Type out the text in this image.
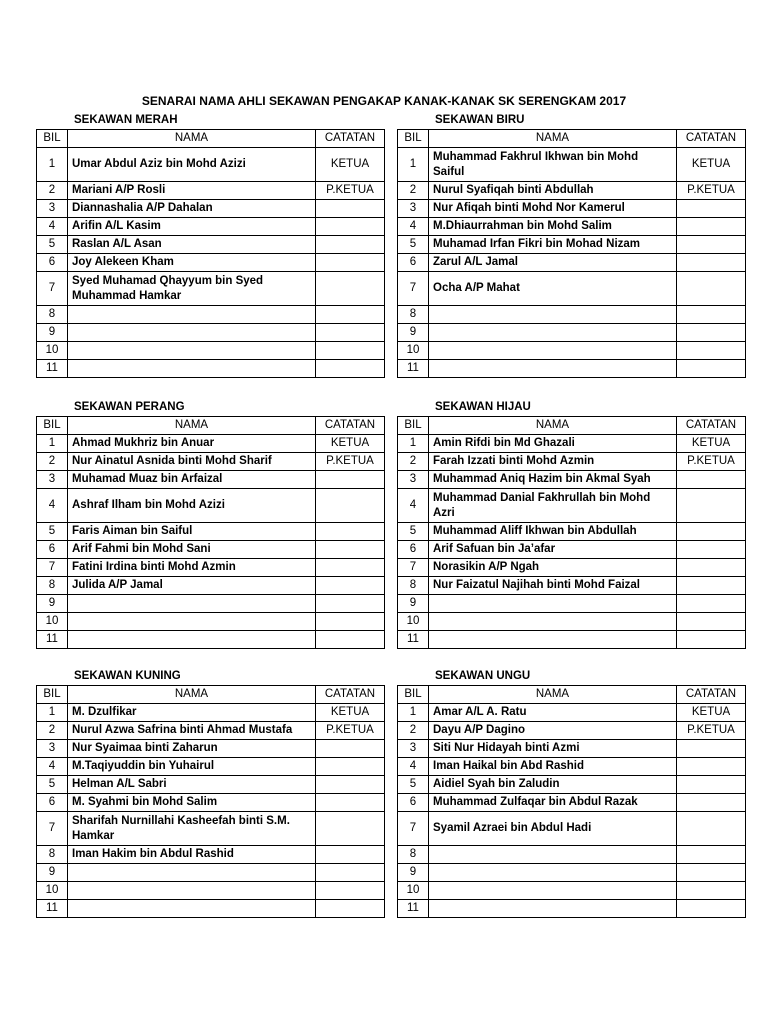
SENARAI NAMA AHLI SEKAWAN PENGAKAP KANAK-KANAK SK SERENGKAM 2017
SEKAWAN MERAH
BIL	NAMA	CATATAN
1	Umar Abdul Aziz bin Mohd Azizi	KETUA
2	Mariani A/P Rosli	P.KETUA
3	Diannashalia A/P Dahalan	
4	Arifin A/L Kasim	
5	Raslan A/L Asan	
6	Joy Alekeen Kham	
7	Syed Muhamad Qhayyum bin Syed Muhammad Hamkar	
8		
9		
10		
11		
SEKAWAN BIRU
BIL	NAMA	CATATAN
1	Muhammad Fakhrul Ikhwan bin Mohd Saiful	KETUA
2	Nurul Syafiqah binti Abdullah	P.KETUA
3	Nur Afiqah binti Mohd Nor Kamerul	
4	M.Dhiaurrahman bin Mohd Salim	
5	Muhamad Irfan Fikri bin Mohad Nizam	
6	Zarul A/L Jamal	
7	Ocha A/P Mahat	
8		
9		
10		
11		
SEKAWAN PERANG
BIL	NAMA	CATATAN
1	Ahmad Mukhriz bin Anuar	KETUA
2	Nur Ainatul Asnida binti Mohd Sharif	P.KETUA
3	Muhamad Muaz bin Arfaizal	
4	Ashraf Ilham bin Mohd Azizi	
5	Faris Aiman bin Saiful	
6	Arif Fahmi bin Mohd Sani	
7	Fatini Irdina binti Mohd Azmin	
8	Julida A/P Jamal	
9		
10		
11		
SEKAWAN HIJAU
BIL	NAMA	CATATAN
1	Amin Rifdi bin Md Ghazali	KETUA
2	Farah Izzati binti Mohd Azmin	P.KETUA
3	Muhammad Aniq Hazim bin Akmal Syah	
4	Muhammad Danial Fakhrullah bin Mohd Azri	
5	Muhammad Aliff Ikhwan bin Abdullah	
6	Arif Safuan bin Ja’afar	
7	Norasikin A/P Ngah	
8	Nur Faizatul Najihah binti Mohd Faizal	
9		
10		
11		
SEKAWAN KUNING
BIL	NAMA	CATATAN
1	M. Dzulfikar	KETUA
2	Nurul Azwa Safrina binti Ahmad Mustafa	P.KETUA
3	Nur Syaimaa binti Zaharun	
4	M.Taqiyuddin bin Yuhairul	
5	Helman A/L Sabri	
6	M. Syahmi bin Mohd Salim	
7	Sharifah Nurnillahi Kasheefah binti S.M. Hamkar	
8	Iman Hakim bin Abdul Rashid	
9		
10		
11		
SEKAWAN UNGU
BIL	NAMA	CATATAN
1	Amar A/L A. Ratu	KETUA
2	Dayu A/P Dagino	P.KETUA
3	Siti Nur Hidayah binti Azmi	
4	Iman Haikal bin Abd Rashid	
5	Aidiel Syah bin Zaludin	
6	Muhammad Zulfaqar bin Abdul Razak	
7	Syamil Azraei bin Abdul Hadi	
8		
9		
10		
11		
